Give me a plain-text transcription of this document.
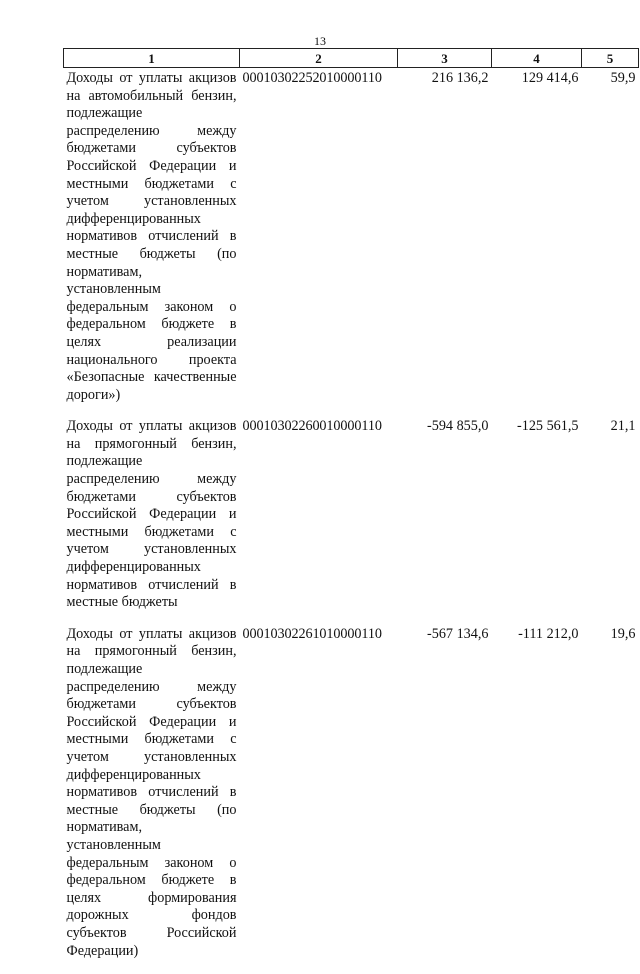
13
1	2	3	4	5
Доходы от уплаты акцизов на автомобильный бензин, подлежащие распределению между бюджетами субъектов Российской Федерации и местными бюджетами с учетом установленных дифференцированных нормативов отчислений в местные бюджеты (по нормативам, установленным федеральным законом о федеральном бюджете в целях реализации национального проекта «Безопасные качественные дороги»)	00010302252010000110	216 136,2	129 414,6	59,9
Доходы от уплаты акцизов на прямогонный бензин, подлежащие распределению между бюджетами субъектов Российской Федерации и местными бюджетами с учетом установленных дифференцированных нормативов отчислений в местные бюджеты	00010302260010000110	-594 855,0	-125 561,5	21,1
Доходы от уплаты акцизов на прямогонный бензин, подлежащие распределению между бюджетами субъектов Российской Федерации и местными бюджетами с учетом установленных дифференцированных нормативов отчислений в местные бюджеты (по нормативам, установленным федеральным законом о федеральном бюджете в целях формирования дорожных фондов субъектов Российской Федерации)	00010302261010000110	-567 134,6	-111 212,0	19,6
